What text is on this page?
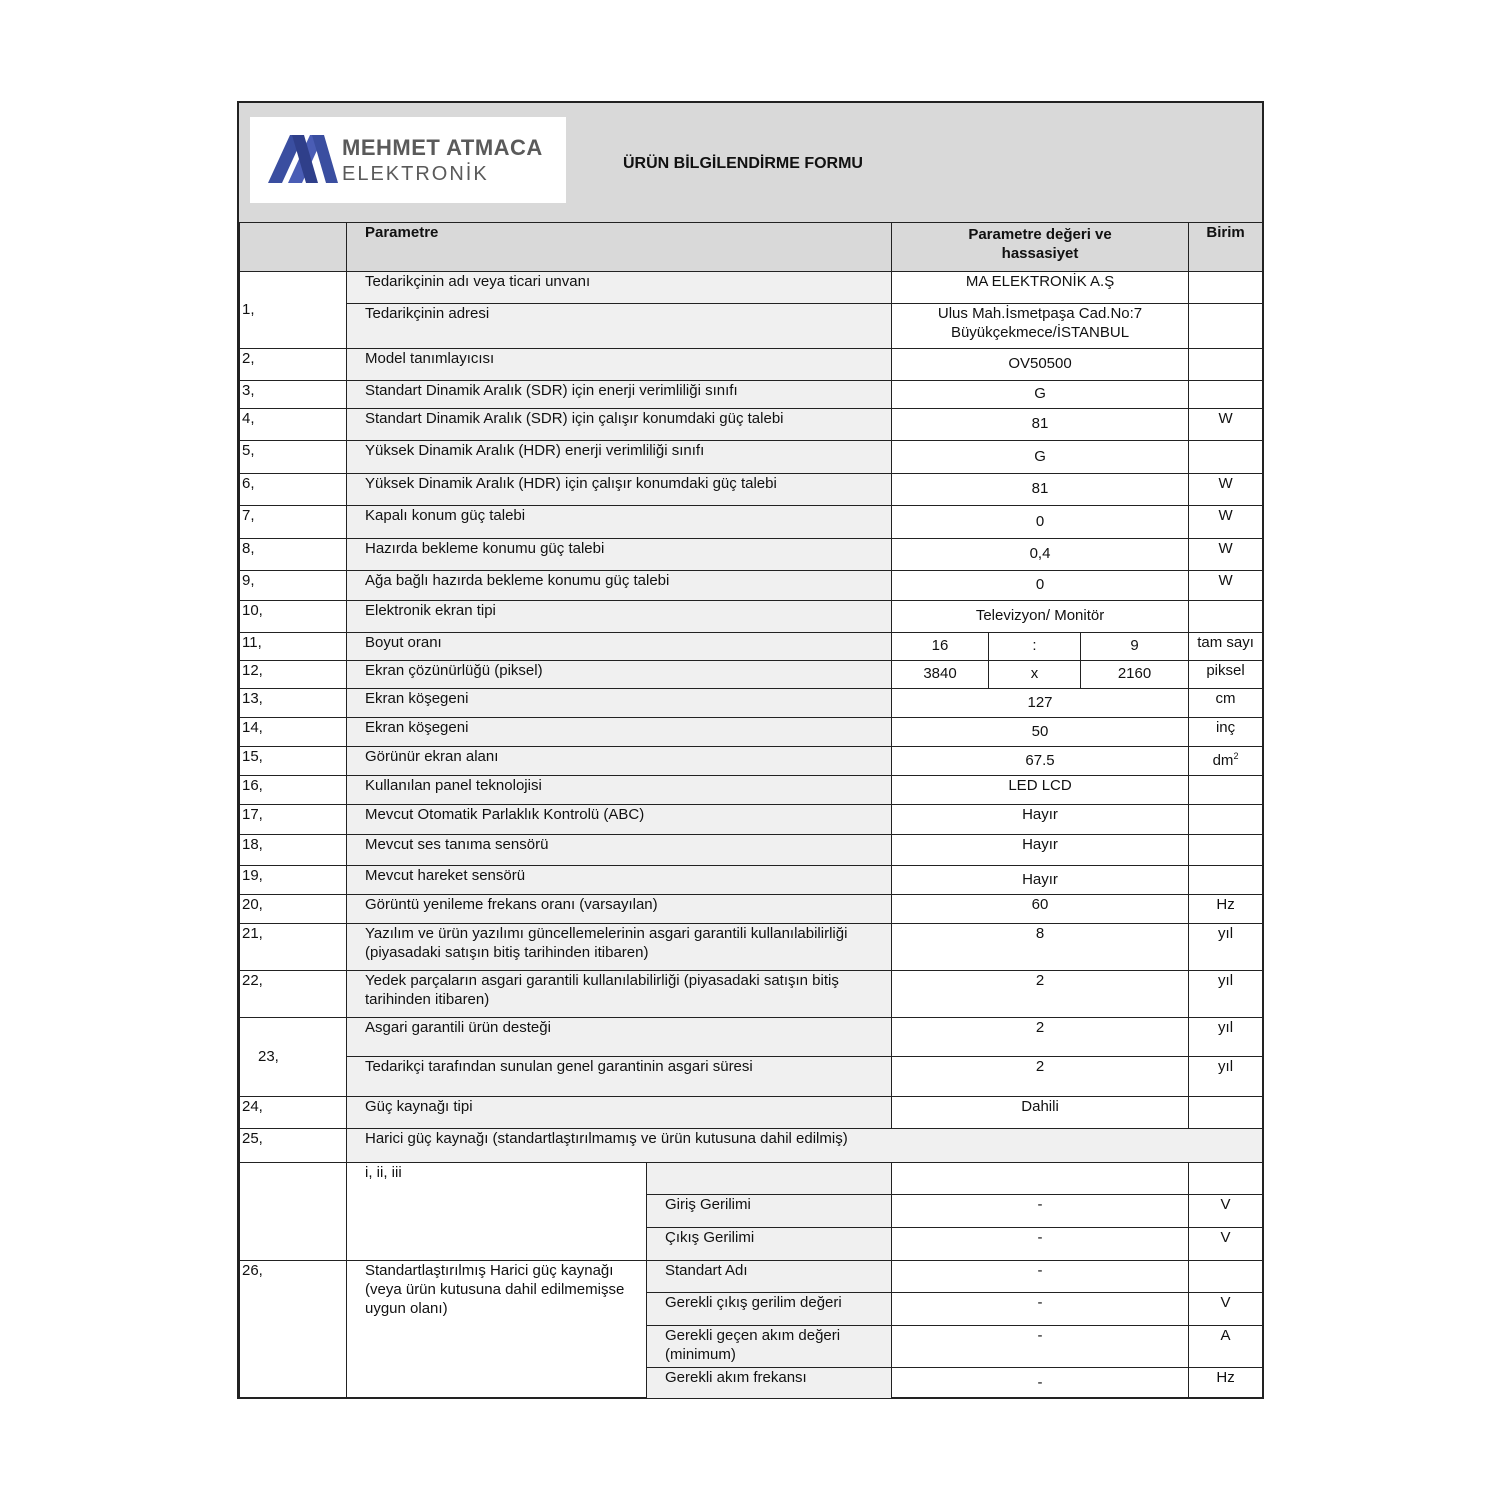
MEHMET ATMACA
ELEKTRONİK	ÜRÜN BİLGİLENDİRME FORMU
	Parametre		Parametre değeri ve hassasiyet			Birim
1,	Tedarikçinin adı veya ticari unvanı		MA ELEKTRONİK A.Ş			
	Tedarikçinin adresi		Ulus Mah.İsmetpaşa Cad.No:7
Büyükçekmece/İSTANBUL			

2,	Model tanımlayıcısı		OV50500			
3,	Standart Dinamik Aralık (SDR) için enerji verimliliği sınıfı		G			
4,	Standart Dinamik Aralık (SDR) için çalışır konumdaki güç talebi		81			W
5,	Yüksek Dinamik Aralık (HDR) enerji verimliliği sınıfı		G			
6,	Yüksek Dinamik Aralık (HDR) için çalışır konumdaki güç talebi		81			W
7,	Kapalı konum güç talebi		0			W
8,	Hazırda bekleme konumu güç talebi		0,4			W
9,	Ağa bağlı hazırda bekleme konumu güç talebi		0			W
10,	Elektronik ekran tipi		Televizyon/ Monitör			
11,	Boyut oranı		16	:	9	tam sayı
12,	Ekran çözünürlüğü (piksel)		3840	x	2160	piksel
13,	Ekran köşegeni		127			cm
14,	Ekran köşegeni		50			inç
15,	Görünür ekran alanı		67.5			$dm^2$
16,	Kullanılan panel teknolojisi		LED LCD			
17,	Mevcut Otomatik Parlaklık Kontrolü (ABC)		Hayır			
18,	Mevcut ses tanıma sensörü		Hayır			
19,	Mevcut hareket sensörü		Hayır			
20,	Görüntü yenileme frekans oranı (varsayılan)		60			Hz
21,	Yazılım ve ürün yazılımı güncellemelerinin asgari garantili kullanılabilirliği (piyasadaki satışın bitiş tarihinden itibaren)		8			yıl
22,	Yedek parçaların asgari garantili kullanılabilirliği (piyasadaki satışın bitiş tarihinden itibaren)		2			yıl
23,	Asgari garantili ürün desteği		2			yıl
	Tedarikçi tarafından sunulan genel garantinin asgari süresi		2			yıl
24,	Güç kaynağı tipi		Dahili			
25,	Harici güç kaynağı (standartlaştırılmamış ve ürün kutusuna dahil edilmiş)					
	i, ii, iii					
		Giriş Gerilimi	-			V
		Çıkış Gerilimi	-			V
26,	Standartlaştırılmış Harici güç kaynağı (veya ürün kutusuna dahil edilmemişse uygun olanı)	Standart Adı	-			
		Gerekli çıkış gerilim değeri	-			V
		Gerekli geçen akım değeri (minimum)	-			A
		Gerekli akım frekansı	-			Hz
